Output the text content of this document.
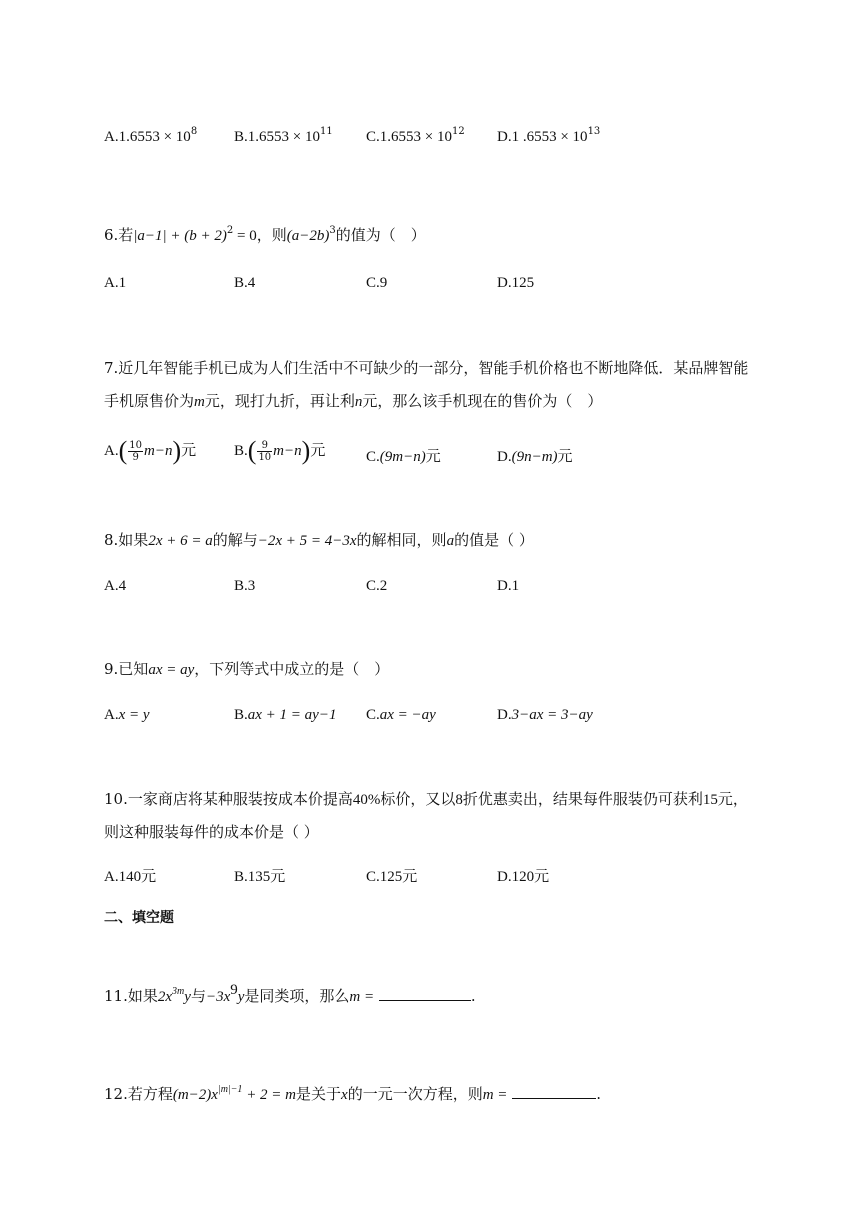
$A.1.6553 \times 10^8$ $B.1.6553 \times 10^{11}$ $C.1.6553 \times 10^{12}$ D.1 $.6553 \times 10^{13}$
6.若$|a-1| + (b + 2)^2 = 0$，则$(a-2b)^3$的值为（　）
A.1	B.4	C.9	D.125
7.近几年智能手机已成为人们生活中不可缺少的一部分，智能手机价格也不断地降低．某品牌智能
手机原售价为m元，现打九折，再让利n元，那么该手机现在的售价为（　）
$A.( \frac{10}{9} m-n)$元	$B.( \frac{9}{10} m-n)$元	C.(9m−n)元	D.(9n−m)元
8.如果2x + 6 = a的解与−2x + 5 = 4−3x的解相同，则a的值是（ ）
A.4	B.3	C.2	D.1
9.已知ax = ay，下列等式中成立的是（　）
A.x = y	B.ax + 1 = ay−1 C.ax = −ay	D.3−ax = 3−ay
10.一家商店将某种服装按成本价提高40%标价，又以8折优惠卖出，结果每件服装仍可获利15元，
则这种服装每件的成本价是（ ）
A.140元	B.135元	C.125元	D.120元
二、填空题
11.如果$2x^{3m}y$与$-3x^9y$是同类项，那么m =	.
12.若方程$(m-2)x^{|m|-1} + 2 = m$是关于x的一元一次方程，则m =	.
